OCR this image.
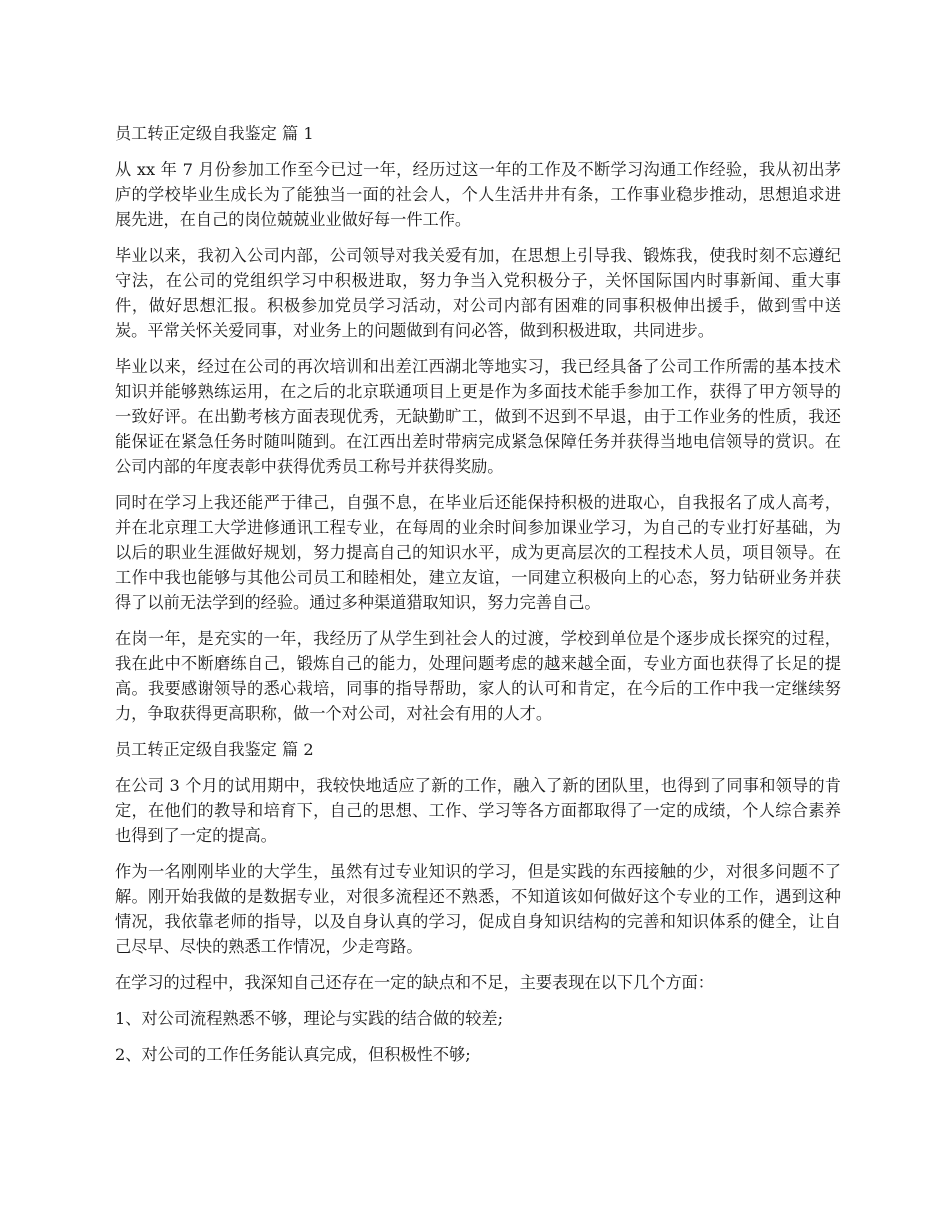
员工转正定级自我鉴定 篇 1

从 xx 年 7 月份参加工作至今已过一年，经历过这一年的工作及不断学习沟通工作经验，我从初出茅庐的学校毕业生成长为了能独当一面的社会人，个人生活井井有条，工作事业稳步推动，思想追求进展先进，在自己的岗位兢兢业业做好每一件工作。

毕业以来，我初入公司内部，公司领导对我关爱有加，在思想上引导我、锻炼我，使我时刻不忘遵纪守法，在公司的党组织学习中积极进取，努力争当入党积极分子，关怀国际国内时事新闻、重大事件，做好思想汇报。积极参加党员学习活动，对公司内部有困难的同事积极伸出援手，做到雪中送炭。平常关怀关爱同事，对业务上的问题做到有问必答，做到积极进取，共同进步。

毕业以来，经过在公司的再次培训和出差江西湖北等地实习，我已经具备了公司工作所需的基本技术知识并能够熟练运用，在之后的北京联通项目上更是作为多面技术能手参加工作，获得了甲方领导的一致好评。在出勤考核方面表现优秀，无缺勤旷工，做到不迟到不早退，由于工作业务的性质，我还能保证在紧急任务时随叫随到。在江西出差时带病完成紧急保障任务并获得当地电信领导的赏识。在公司内部的年度表彰中获得优秀员工称号并获得奖励。

同时在学习上我还能严于律己，自强不息，在毕业后还能保持积极的进取心，自我报名了成人高考，并在北京理工大学进修通讯工程专业，在每周的业余时间参加课业学习，为自己的专业打好基础，为以后的职业生涯做好规划，努力提高自己的知识水平，成为更高层次的工程技术人员，项目领导。在工作中我也能够与其他公司员工和睦相处，建立友谊，一同建立积极向上的心态，努力钻研业务并获得了以前无法学到的经验。通过多种渠道猎取知识，努力完善自己。

在岗一年，是充实的一年，我经历了从学生到社会人的过渡，学校到单位是个逐步成长探究的过程，我在此中不断磨练自己，锻炼自己的能力，处理问题考虑的越来越全面，专业方面也获得了长足的提高。我要感谢领导的悉心栽培，同事的指导帮助，家人的认可和肯定，在今后的工作中我一定继续努力，争取获得更高职称，做一个对公司，对社会有用的人才。

员工转正定级自我鉴定 篇 2

在公司 3 个月的试用期中，我较快地适应了新的工作，融入了新的团队里，也得到了同事和领导的肯定，在他们的教导和培育下，自己的思想、工作、学习等各方面都取得了一定的成绩，个人综合素养也得到了一定的提高。

作为一名刚刚毕业的大学生，虽然有过专业知识的学习，但是实践的东西接触的少，对很多问题不了解。刚开始我做的是数据专业，对很多流程还不熟悉，不知道该如何做好这个专业的工作，遇到这种情况，我依靠老师的指导，以及自身认真的学习，促成自身知识结构的完善和知识体系的健全，让自己尽早、尽快的熟悉工作情况，少走弯路。

在学习的过程中，我深知自己还存在一定的缺点和不足，主要表现在以下几个方面：

1、对公司流程熟悉不够，理论与实践的结合做的较差;

2、对公司的工作任务能认真完成，但积极性不够;
